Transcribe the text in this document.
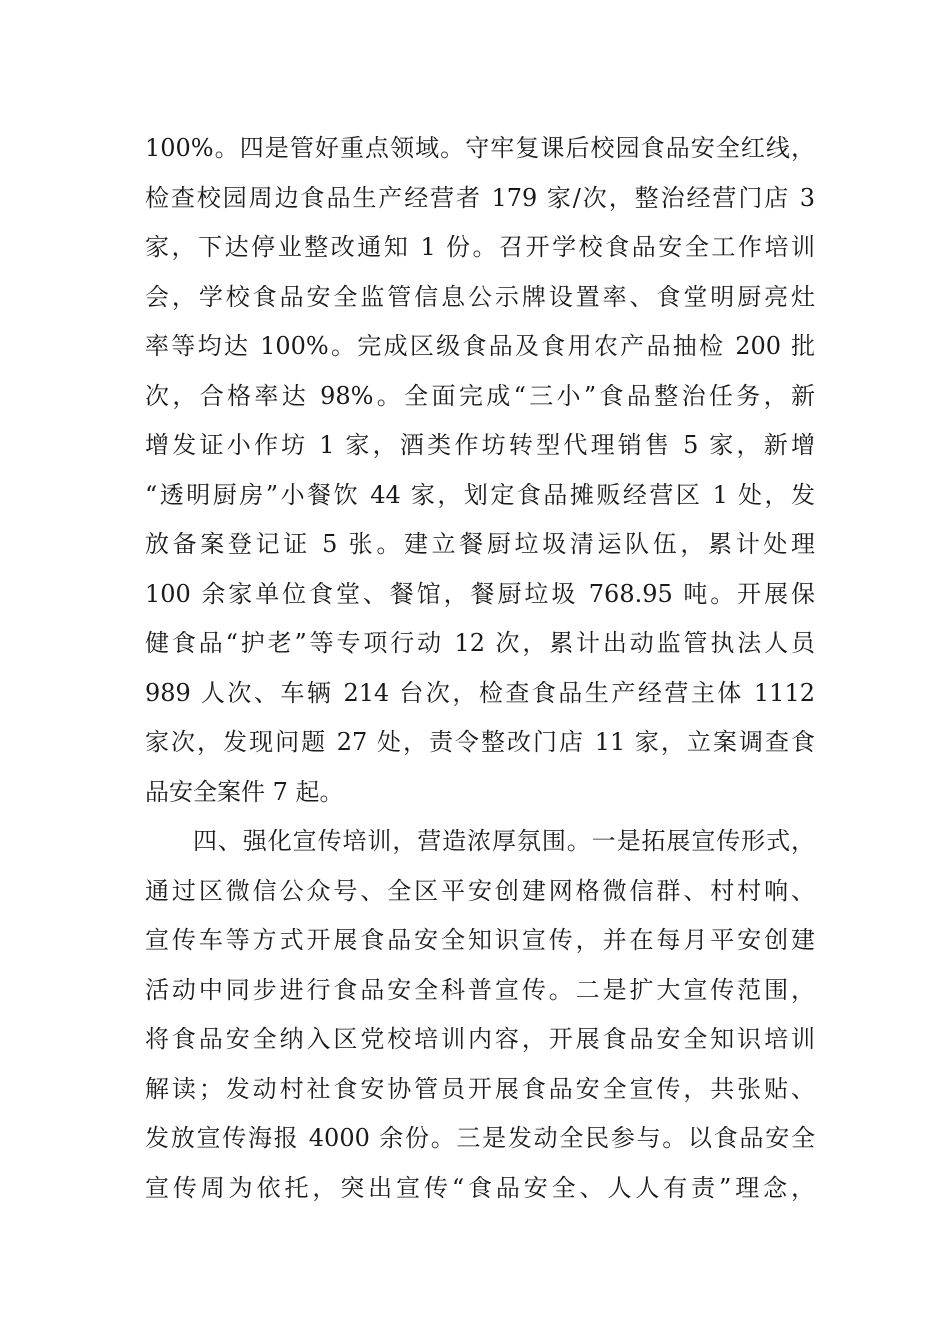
100%。四是管好重点领域。守牢复课后校园食品安全红线，
检查校园周边食品生产经营者 179 家/次，整治经营门店 3
家，下达停业整改通知 1 份。召开学校食品安全工作培训
会，学校食品安全监管信息公示牌设置率、食堂明厨亮灶
率等均达 100%。完成区级食品及食用农产品抽检 200 批
次，合格率达 98%。全面完成“三小”食品整治任务，新
增发证小作坊 1 家，酒类作坊转型代理销售 5 家，新增
“透明厨房”小餐饮 44 家，划定食品摊贩经营区 1 处，发
放备案登记证 5 张。建立餐厨垃圾清运队伍，累计处理
100 余家单位食堂、餐馆，餐厨垃圾 768.95 吨。开展保
健食品“护老”等专项行动 12 次，累计出动监管执法人员
989 人次、车辆 214 台次，检查食品生产经营主体 1112
家次，发现问题 27 处，责令整改门店 11 家，立案调查食
品安全案件 7 起。
四、强化宣传培训，营造浓厚氛围。一是拓展宣传形式，
通过区微信公众号、全区平安创建网格微信群、村村响、
宣传车等方式开展食品安全知识宣传，并在每月平安创建
活动中同步进行食品安全科普宣传。二是扩大宣传范围，
将食品安全纳入区党校培训内容，开展食品安全知识培训
解读；发动村社食安协管员开展食品安全宣传，共张贴、
发放宣传海报 4000 余份。三是发动全民参与。以食品安全
宣传周为依托，突出宣传“食品安全、人人有责”理念，
